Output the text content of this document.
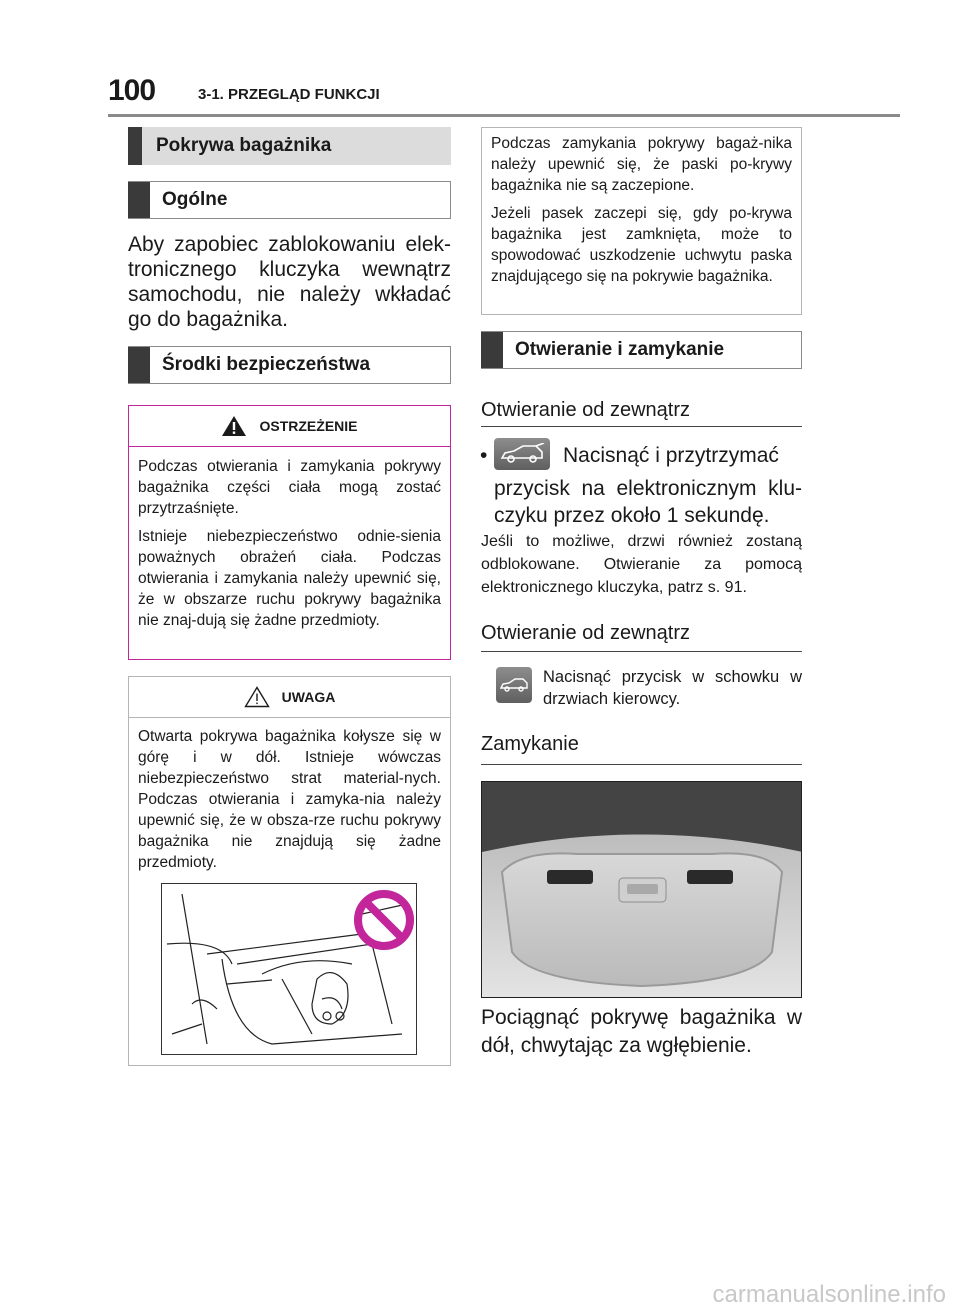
100	3-1. PRZEGLĄD FUNKCJI
Pokrywa bagażnika
Ogólne
Aby zapobiec zablokowaniu elek-tronicznego kluczyka wewnątrz samochodu, nie należy wkładać go do bagażnika.
Środki bezpieczeństwa
OSTRZEŻENIE

Podczas otwierania i zamykania pokrywy bagażnika części ciała mogą zostać przytrzaśnięte.

Istnieje niebezpieczeństwo odnie-sienia poważnych obrażeń ciała. Podczas otwierania i zamykania należy upewnić się, że w obszarze ruchu pokrywy bagażnika nie znaj-dują się żadne przedmioty.

UWAGA

Otwarta pokrywa bagażnika kołysze się w górę i w dół. Istnieje wówczas niebezpieczeństwo strat material-nych. Podczas otwierania i zamyka-nia należy upewnić się, że w obsza-rze ruchu pokrywy bagażnika nie znajdują się żadne przedmioty.

Podczas zamykania pokrywy bagaż-nika należy upewnić się, że paski po-krywy bagażnika nie są zaczepione.

Jeżeli pasek zaczepi się, gdy po-krywa bagażnika jest zamknięta, może to spowodować uszkodzenie uchwytu paska znajdującego się na pokrywie bagażnika.

Otwieranie i zamykanie
Otwieranie od zewnątrz
•	Nacisnąć i przytrzymać
przycisk na elektronicznym klu-czyku przez około 1 sekundę.
Jeśli to możliwe, drzwi również zostaną odblokowane. Otwieranie za pomocą elektronicznego kluczyka, patrz s. 91.
Otwieranie od zewnątrz
Nacisnąć przycisk w schowku w drzwiach kierowcy.
Zamykanie
Pociągnąć pokrywę bagażnika w dół, chwytając za wgłębienie.
carmanualsonline.info
